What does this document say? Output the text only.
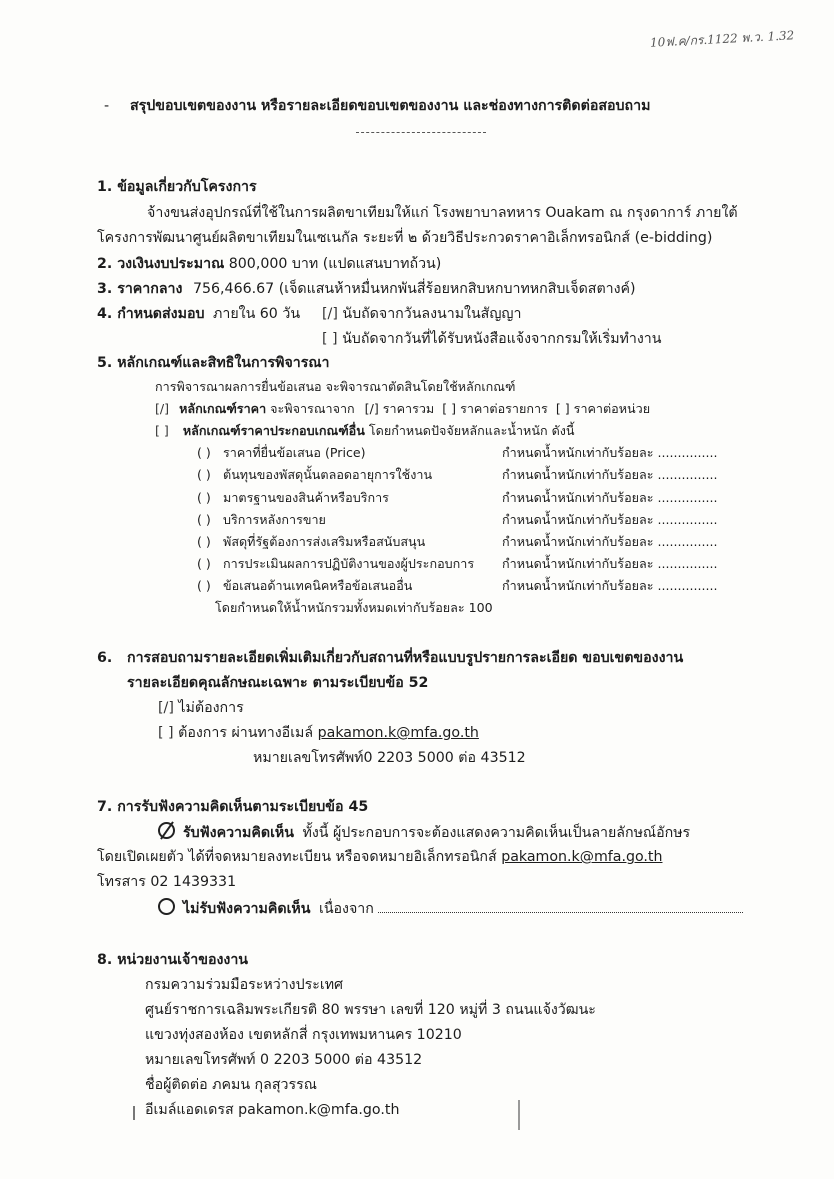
10ฟ.ค/กร.1122 พ.ว. 1.32
- สรุปขอบเขตของงาน หรือรายละเอียดขอบเขตของงาน และช่องทางการติดต่อสอบถาม
1. ข้อมูลเกี่ยวกับโครงการ
จ้างขนส่งอุปกรณ์ที่ใช้ในการผลิตขาเทียมให้แก่ โรงพยาบาลทหาร Ouakam ณ กรุงดาการ์ ภายใต้
โครงการพัฒนาศูนย์ผลิตขาเทียมในเซเนกัล ระยะที่ ๒ ด้วยวิธีประกวดราคาอิเล็กทรอนิกส์ (e-bidding)
2. วงเงินงบประมาณ 800,000 บาท (แปดแสนบาทถ้วน)
3. ราคากลาง 756,466.67 (เจ็ดแสนห้าหมื่นหกพันสี่ร้อยหกสิบหกบาทหกสิบเจ็ดสตางค์)
4. กำหนดส่งมอบ ภายใน 60 วัน [/] นับถัดจากวันลงนามในสัญญา
[ ] นับถัดจากวันที่ได้รับหนังสือแจ้งจากกรมให้เริ่มทำงาน
5. หลักเกณฑ์และสิทธิในการพิจารณา
การพิจารณาผลการยื่นข้อเสนอ จะพิจารณาตัดสินโดยใช้หลักเกณฑ์
[/] หลักเกณฑ์ราคา จะพิจารณาจาก [/] ราคารวม [ ] ราคาต่อรายการ [ ] ราคาต่อหน่วย
[ ] หลักเกณฑ์ราคาประกอบเกณฑ์อื่น โดยกำหนดปัจจัยหลักและน้ำหนัก ดังนี้
( ) ราคาที่ยื่นข้อเสนอ (Price)	กำหนดน้ำหนักเท่ากับร้อยละ ...............
( ) ต้นทุนของพัสดุนั้นตลอดอายุการใช้งาน	กำหนดน้ำหนักเท่ากับร้อยละ ...............
( ) มาตรฐานของสินค้าหรือบริการ	กำหนดน้ำหนักเท่ากับร้อยละ ...............
( ) บริการหลังการขาย	กำหนดน้ำหนักเท่ากับร้อยละ ...............
( ) พัสดุที่รัฐต้องการส่งเสริมหรือสนับสนุน	กำหนดน้ำหนักเท่ากับร้อยละ ...............
( ) การประเมินผลการปฏิบัติงานของผู้ประกอบการ กำหนดน้ำหนักเท่ากับร้อยละ ...............
( ) ข้อเสนอด้านเทคนิคหรือข้อเสนออื่น	กำหนดน้ำหนักเท่ากับร้อยละ ...............
โดยกำหนดให้น้ำหนักรวมทั้งหมดเท่ากับร้อยละ 100
6. การสอบถามรายละเอียดเพิ่มเติมเกี่ยวกับสถานที่หรือแบบรูปรายการละเอียด ขอบเขตของงาน
รายละเอียดคุณลักษณะเฉพาะ ตามระเบียบข้อ 52
[/] ไม่ต้องการ
[ ] ต้องการ ผ่านทางอีเมล์ pakamon.k@mfa.go.th
หมายเลขโทรศัพท์0 2203 5000 ต่อ 43512
7. การรับฟังความคิดเห็นตามระเบียบข้อ 45
รับฟังความคิดเห็น ทั้งนี้ ผู้ประกอบการจะต้องแสดงความคิดเห็นเป็นลายลักษณ์อักษร
โดยเปิดเผยตัว ได้ที่จดหมายลงทะเบียน หรือจดหมายอิเล็กทรอนิกส์ pakamon.k@mfa.go.th
โทรสาร 02 1439331
ไม่รับฟังความคิดเห็น เนื่องจาก
8. หน่วยงานเจ้าของงาน
กรมความร่วมมือระหว่างประเทศ
ศูนย์ราชการเฉลิมพระเกียรติ 80 พรรษา เลขที่ 120 หมู่ที่ 3 ถนนแจ้งวัฒนะ
แขวงทุ่งสองห้อง เขตหลักสี่ กรุงเทพมหานคร 10210
หมายเลขโทรศัพท์ 0 2203 5000 ต่อ 43512
ชื่อผู้ติดต่อ ภคมน กุลสุวรรณ
อีเมล์แอดเดรส pakamon.k@mfa.go.th
